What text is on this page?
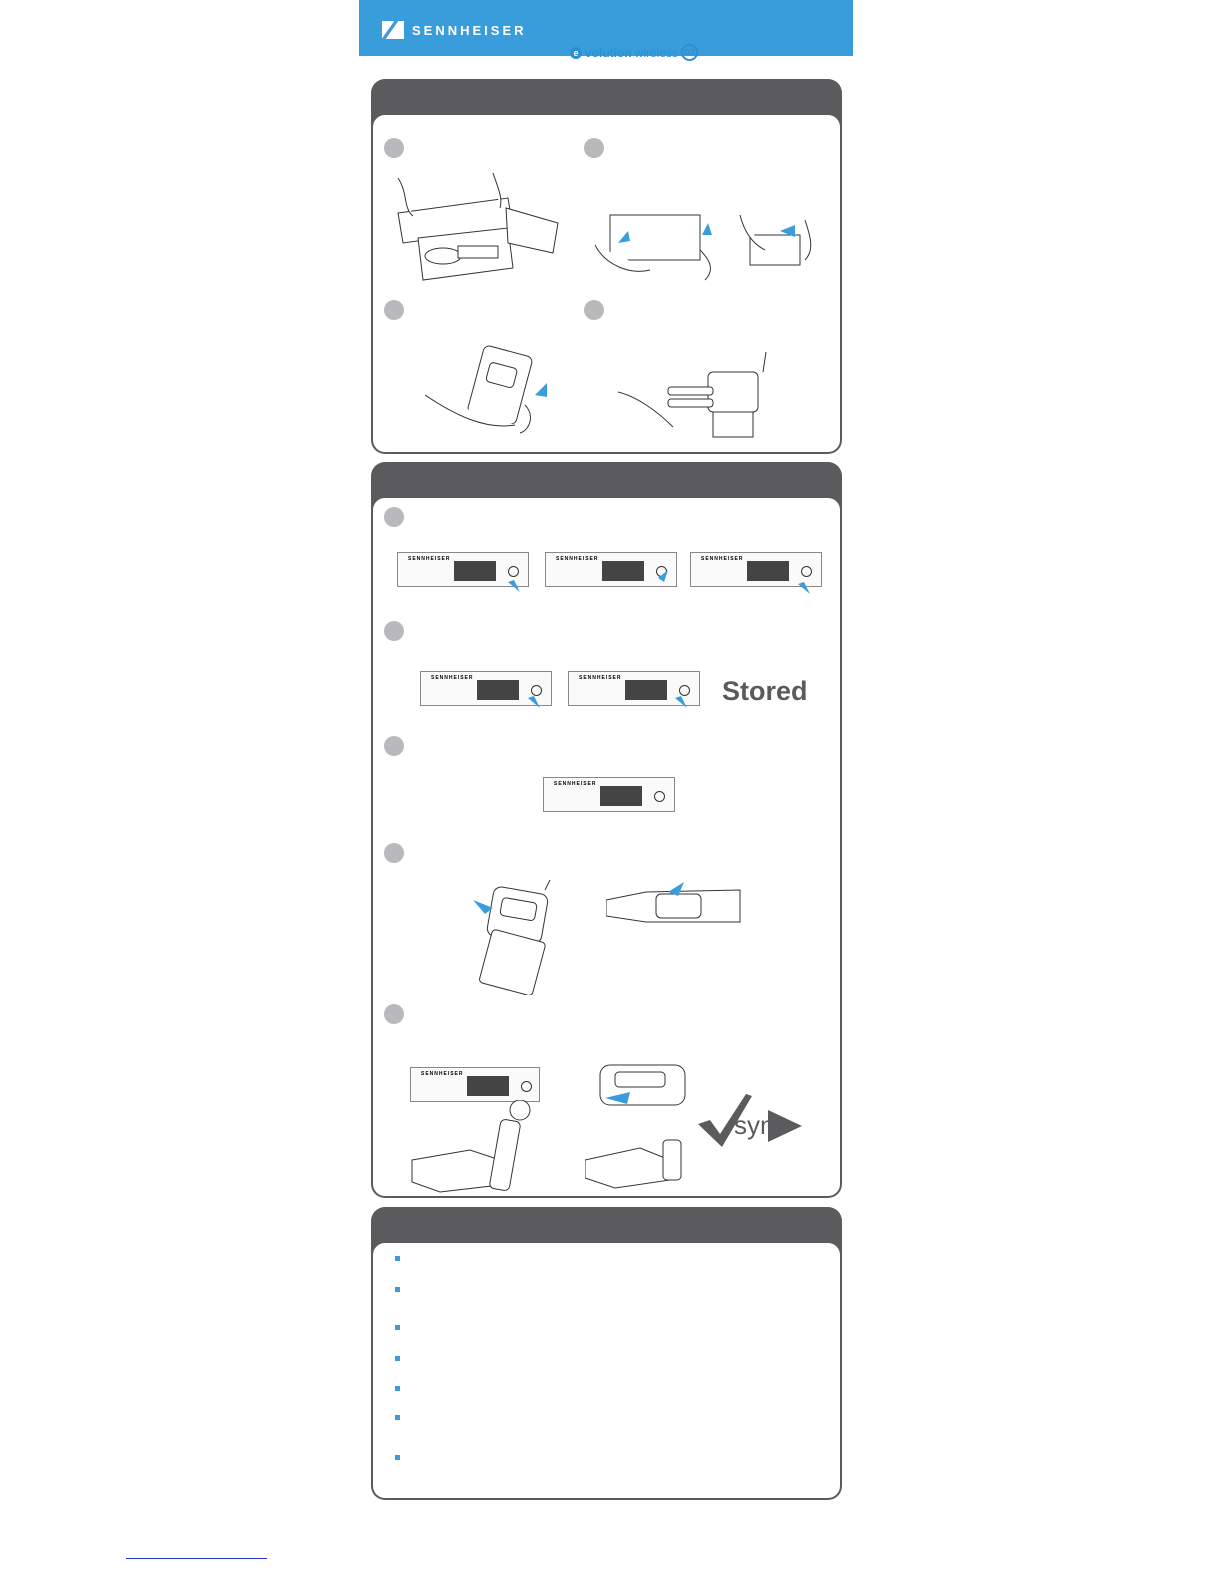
SENNHEISER
e volution wireless G3
SENNHEISER	SENNHEISER	SENNHEISER
SENNHEISER	SENNHEISER	Stored
SENNHEISER
SENNHEISER
sync
